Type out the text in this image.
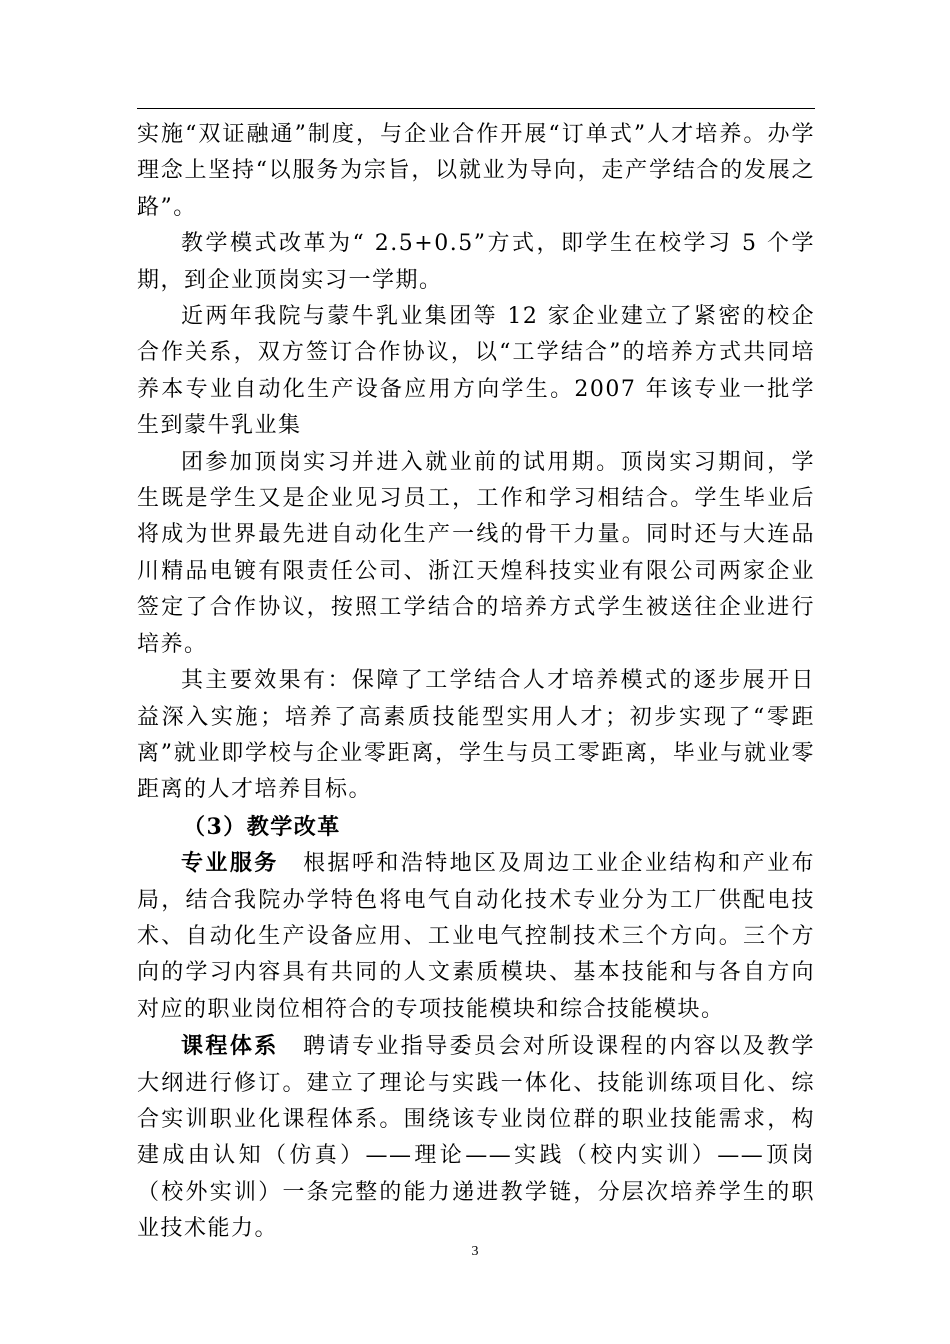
实施“双证融通”制度，与企业合作开展“订单式”人才培养。办学理念上坚持“以服务为宗旨，以就业为导向，走产学结合的发展之路”。

教学模式改革为“ 2.5+0.5”方式，即学生在校学习 5 个学期，到企业顶岗实习一学期。

近两年我院与蒙牛乳业集团等 12 家企业建立了紧密的校企合作关系，双方签订合作协议，以“工学结合”的培养方式共同培养本专业自动化生产设备应用方向学生。2007 年该专业一批学生到蒙牛乳业集

团参加顶岗实习并进入就业前的试用期。顶岗实习期间，学生既是学生又是企业见习员工，工作和学习相结合。学生毕业后将成为世界最先进自动化生产一线的骨干力量。同时还与大连品川精品电镀有限责任公司、浙江天煌科技实业有限公司两家企业签定了合作协议，按照工学结合的培养方式学生被送往企业进行培养。

其主要效果有：保障了工学结合人才培养模式的逐步展开日益深入实施；培养了高素质技能型实用人才；初步实现了“零距离”就业即学校与企业零距离，学生与员工零距离，毕业与就业零距离的人才培养目标。

（3）教学改革

专业服务　根据呼和浩特地区及周边工业企业结构和产业布局，结合我院办学特色将电气自动化技术专业分为工厂供配电技术、自动化生产设备应用、工业电气控制技术三个方向。三个方向的学习内容具有共同的人文素质模块、基本技能和与各自方向对应的职业岗位相符合的专项技能模块和综合技能模块。

课程体系　聘请专业指导委员会对所设课程的内容以及教学大纲进行修订。建立了理论与实践一体化、技能训练项目化、综合实训职业化课程体系。围绕该专业岗位群的职业技能需求，构建成由认知（仿真）——理论——实践（校内实训）——顶岗（校外实训）一条完整的能力递进教学链，分层次培养学生的职业技术能力。

3
